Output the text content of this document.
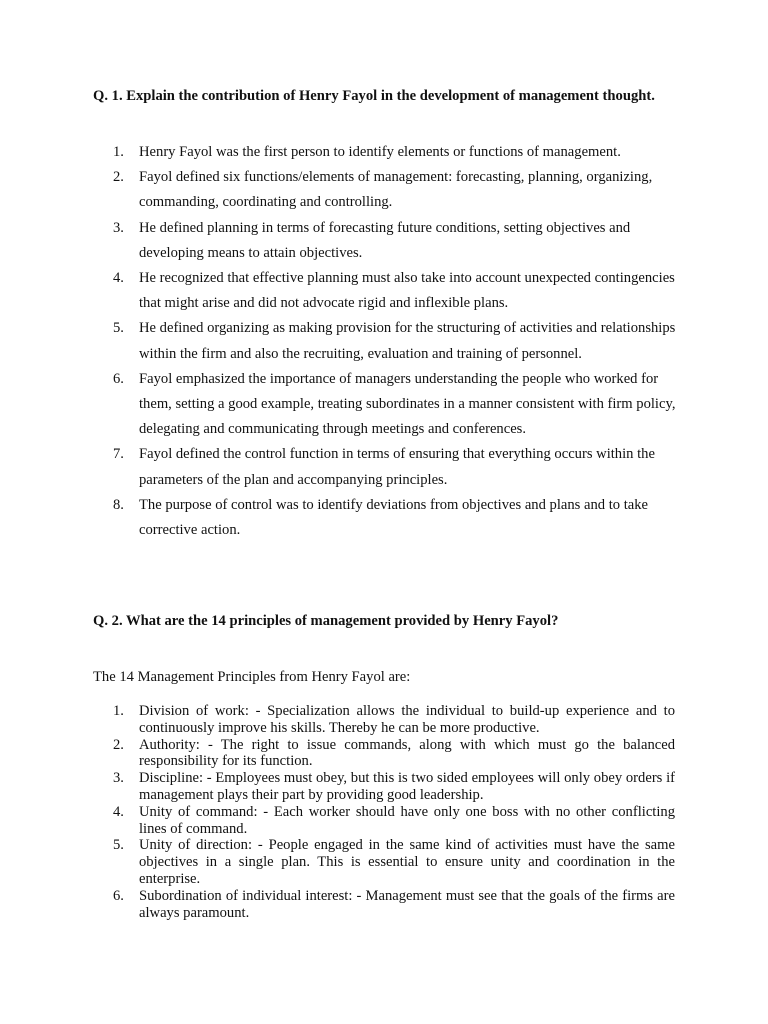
Q. 1. Explain the contribution of Henry Fayol in the development of management thought.
1. Henry Fayol was the first person to identify elements or functions of management.
2. Fayol defined six functions/elements of management: forecasting, planning, organizing, commanding, coordinating and controlling.
3. He defined planning in terms of forecasting future conditions, setting objectives and developing means to attain objectives.
4. He recognized that effective planning must also take into account unexpected contingencies that might arise and did not advocate rigid and inflexible plans.
5. He defined organizing as making provision for the structuring of activities and relationships within the firm and also the recruiting, evaluation and training of personnel.
6. Fayol emphasized the importance of managers understanding the people who worked for them, setting a good example, treating subordinates in a manner consistent with firm policy, delegating and communicating through meetings and conferences.
7. Fayol defined the control function in terms of ensuring that everything occurs within the parameters of the plan and accompanying principles.
8. The purpose of control was to identify deviations from objectives and plans and to take corrective action.
Q. 2. What are the 14 principles of management provided by Henry Fayol?

The 14 Management Principles from Henry Fayol are:

1. Division of work: - Specialization allows the individual to build-up experience and to continuously improve his skills. Thereby he can be more productive.
2. Authority: - The right to issue commands, along with which must go the balanced responsibility for its function.
3. Discipline: - Employees must obey, but this is two sided employees will only obey orders if management plays their part by providing good leadership.
4. Unity of command: - Each worker should have only one boss with no other conflicting lines of command.
5. Unity of direction: - People engaged in the same kind of activities must have the same objectives in a single plan. This is essential to ensure unity and coordination in the enterprise.
6. Subordination of individual interest: - Management must see that the goals of the firms are always paramount.
